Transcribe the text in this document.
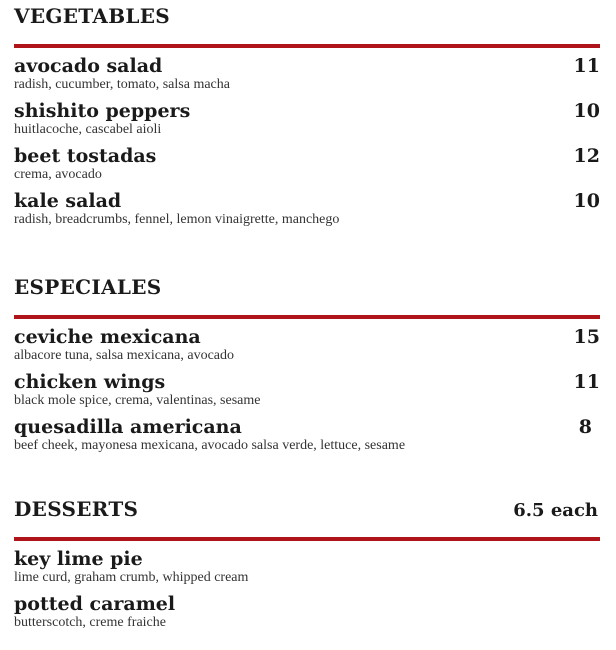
VEGETABLES
avocado salad
radish, cucumber, tomato, salsa macha
11
shishito peppers
huitlacoche, cascabel aioli
10
beet tostadas
crema, avocado
12
kale salad
radish, breadcrumbs, fennel, lemon vinaigrette, manchego
10
ESPECIALES
ceviche mexicana
albacore tuna, salsa mexicana, avocado
15
chicken wings
black mole spice, crema, valentinas, sesame
11
quesadilla americana
beef cheek, mayonesa mexicana, avocado salsa verde, lettuce, sesame
8
DESSERTS	6.5 each
key lime pie
lime curd, graham crumb, whipped cream
potted caramel
butterscotch, creme fraiche
